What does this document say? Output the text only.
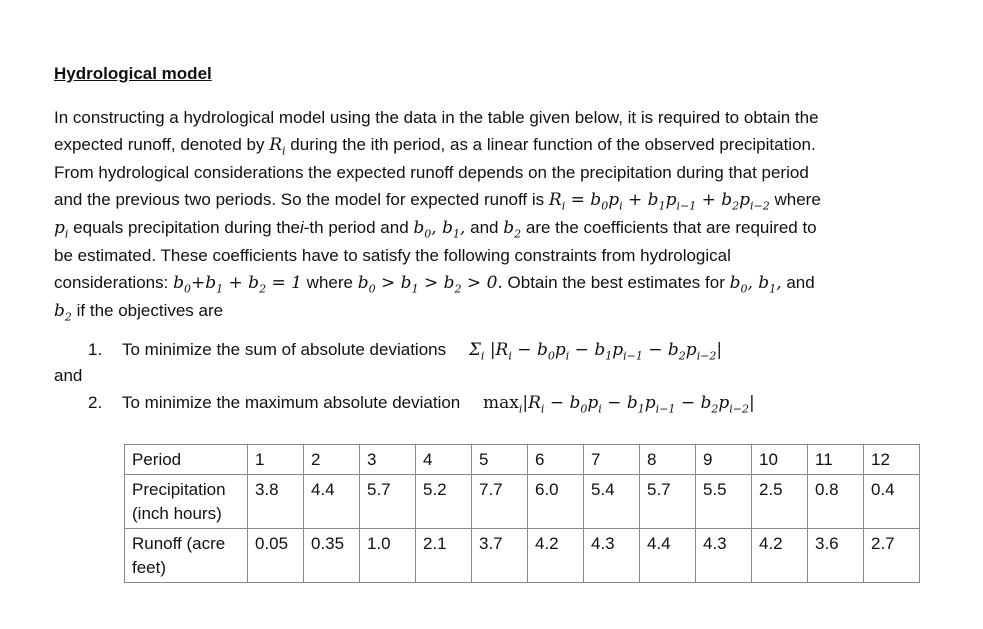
Hydrological model
In constructing a hydrological model using the data in the table given below, it is required to obtain the
expected runoff, denoted by $R_i$ during the ith period, as a linear function of the observed precipitation.
From hydrological considerations the expected runoff depends on the precipitation during that period
and the previous two periods. So the model for expected runoff is $R_i = b_0p_i + b_1p_{i-1} + b_2p_{i-2}$ where
$p_i$ equals precipitation during thei-th period and $b_0$, $b_1$, and $b_2$ are the coefficients that are required to
be estimated. These coefficients have to satisfy the following constraints from hydrological
considerations: $b_0+b_1 + b_2 = 1$ where $b_0 > b_1 > b_2 > 0$. Obtain the best estimates for $b_0$, $b_1$, and
$b_2$ if the objectives are
1. To minimize the sum of absolute deviations $\Sigma_i$ $|R_i - b_0p_i - b_1p_{i-1} - b_2p_{i-2}|$
and
2. To minimize the maximum absolute deviation $\max_i|R_i - b_0p_i - b_1p_{i-1} - b_2p_{i-2}|$
Period	1	2	3	4	5	6	7	8	9	10	11	12
Precipitation (inch hours)	3.8	4.4	5.7	5.2	7.7	6.0	5.4	5.7	5.5	2.5	0.8	0.4
Runoff (acre feet)	0.05	0.35	1.0	2.1	3.7	4.2	4.3	4.4	4.3	4.2	3.6	2.7
